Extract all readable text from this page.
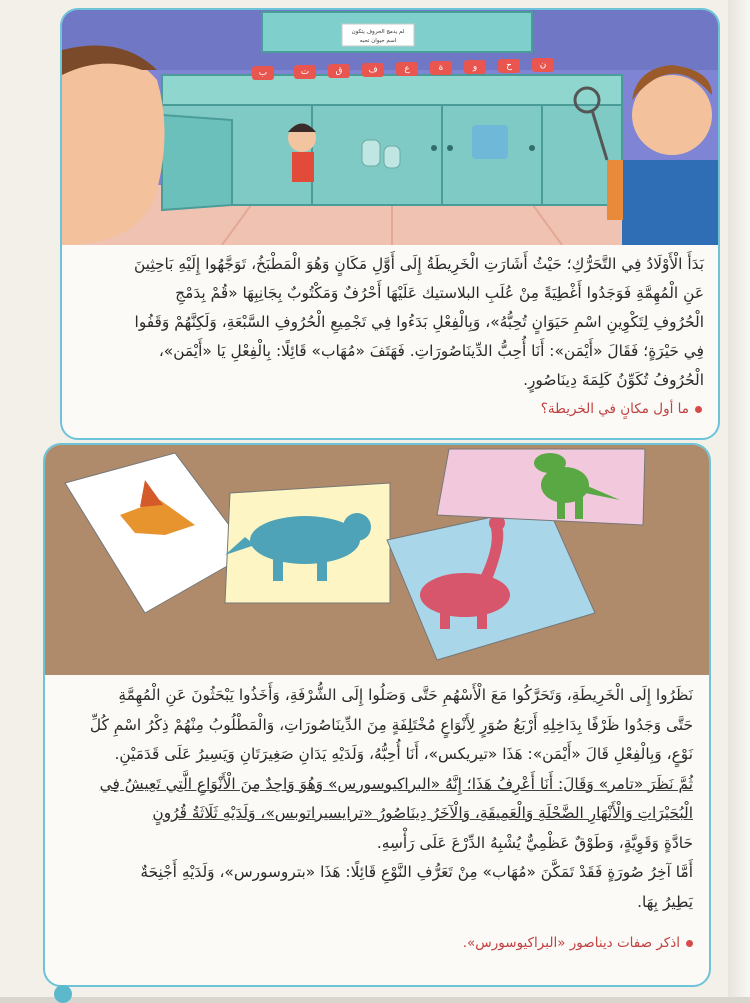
لم يدمج الحروف يتكون
اسم حيوان تحبه
ب	ت	ق	ف	ع	ة	و	ح	ن

بَدَأَ الْأَوْلَادُ فِي التَّحَرُّكِ؛ حَيْثُ أَشَارَتِ الْخَرِيطَةُ إِلَى أَوَّلِ مَكَانٍ وَهُوَ الْمَطْبَخُ، تَوَجَّهُوا إِلَيْهِ بَاحِثِينَ

عَنِ الْمُهِمَّةِ فَوَجَدُوا أَغْطِيَةً مِنْ عُلَبِ البلاستيك عَلَيْهَا أَحْرُفٌ وَمَكْتُوبٌ بِجَانِبِهَا «قُمْ بِدَمْجِ

الْحُرُوفِ لِتَكْوِينِ اسْمِ حَيَوَانٍ تُحِبُّهُ»، وَبِالْفِعْلِ بَدَءُوا فِي تَجْمِيعِ الْحُرُوفِ السَّبْعَةِ، وَلَكِنَّهُمْ وَقَفُوا

فِي حَيْرَةٍ؛ فَقَالَ «أَيْمَن»: أَنَا أُحِبُّ الدِّينَاصُورَاتِ. فَهَتَفَ «مُهَاب» قَائِلًا: بِالْفِعْلِ يَا «أَيْمَن»،

الْحُرُوفُ تُكَوِّنُ كَلِمَةَ دِينَاصُورٍ.

ما أول مكانٍ في الخريطة؟

نَظَرُوا إِلَى الْخَرِيطَةِ، وَتَحَرَّكُوا مَعَ الْأَسْهُمِ حَتَّى وَصَلُوا إِلَى الشُّرْفَةِ، وَأَخَذُوا يَبْحَثُونَ عَنِ الْمُهِمَّةِ

حَتَّى وَجَدُوا ظَرْفًا بِدَاخِلِهِ أَرْبَعُ صُوَرٍ لِأَنْوَاعٍ مُخْتَلِفَةٍ مِنَ الدِّينَاصُورَاتِ، وَالْمَطْلُوبُ مِنْهُمْ ذِكْرُ اسْمِ كُلِّ

نَوْعٍ، وَبِالْفِعْلِ قَالَ «أَيْمَن»: هَذَا «تيريكس»، أَنَا أُحِبُّهُ، وَلَدَيْهِ يَدَانِ صَغِيرَتَانِ وَيَسِيرُ عَلَى قَدَمَيْنِ.

ثُمَّ نَظَرَ «تامر» وَقَالَ: أَنَا أَعْرِفُ هَذَا؛ إِنَّهُ «البراكيوسورس» وَهُوَ وَاحِدٌ مِنَ الْأَنْوَاعِ الَّتِي تَعِيشُ فِي

الْبُحَيْرَاتِ وَالْأَنْهَارِ الضَّحْلَةِ وَالْعَمِيقَةِ، وَالْآخَرُ دِينَاصُورُ «ترايسيراتوبس»، وَلَدَيْهِ ثَلَاثَةُ قُرُونٍ

حَادَّةٍ وَقَوِيَّةٍ، وَطَوْقٌ عَظْمِيٌّ يُشْبِهُ الدِّرْعَ عَلَى رَأْسِهِ.

أَمَّا آخِرُ صُورَةٍ فَقَدْ تَمَكَّنَ «مُهَاب» مِنْ تَعَرُّفِ النَّوْعِ قَائِلًا: هَذَا «بتروسورس»، وَلَدَيْهِ أَجْنِحَةٌ

يَطِيرُ بِهَا.

اذكر صفات ديناصور «البراكيوسورس».
